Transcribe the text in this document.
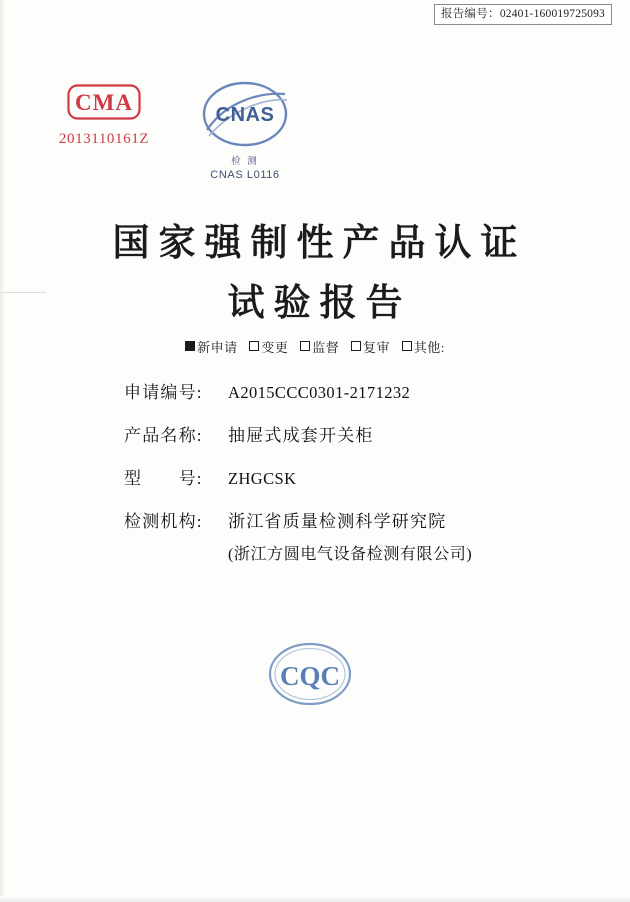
报告编号：02401-160019725093
CMA
2013110161Z
CNAS
检 测
CNAS L0116
国家强制性产品认证
试验报告
新申请 变更 监督 复审 其他:
申请编号:	A2015CCC0301-2171232
产品名称:	抽屉式成套开关柜
型　　号:	ZHGCSK
检测机构:	浙江省质量检测科学研究院
(浙江方圆电气设备检测有限公司)
CQC
